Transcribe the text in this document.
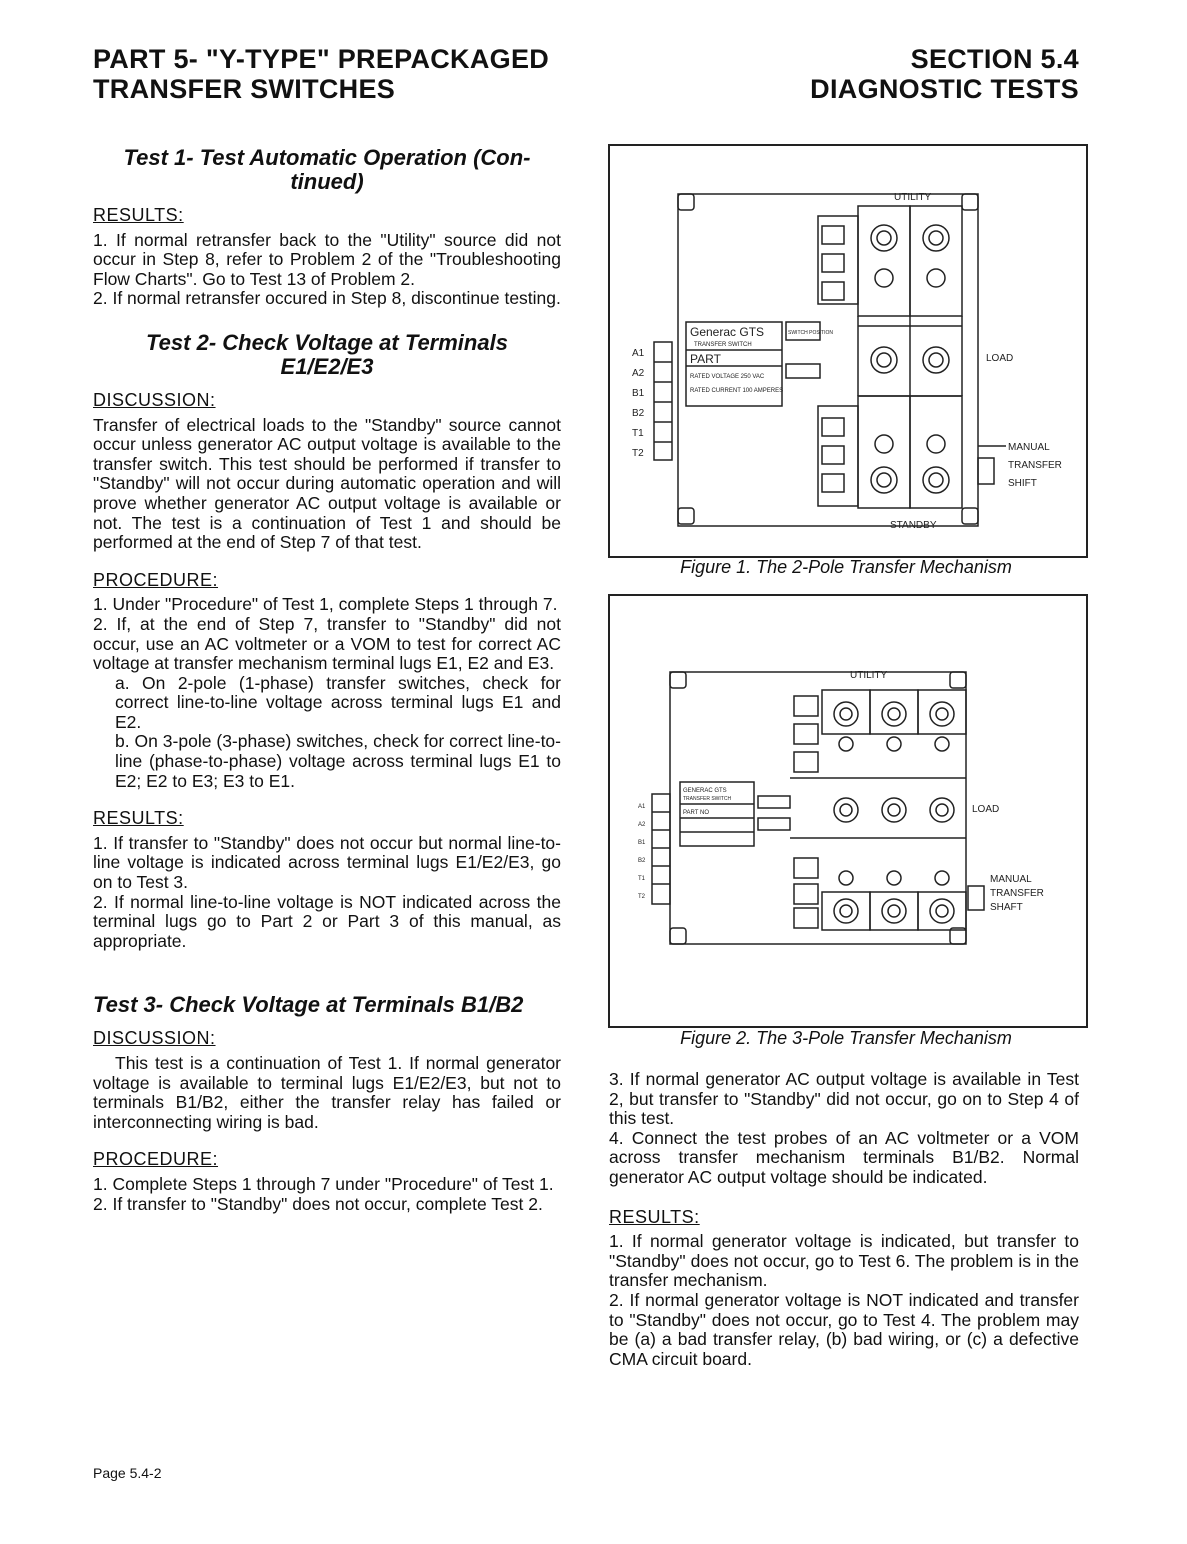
PART 5- "Y-TYPE" PREPACKAGED
TRANSFER SWITCHES
SECTION 5.4
DIAGNOSTIC TESTS
Test 1- Test Automatic Operation (Con-
tinued)
RESULTS:

1. If normal retransfer back to the "Utility" source did not occur in Step 8, refer to Problem 2 of the "Troubleshooting Flow Charts". Go to Test 13 of Problem 2.

2. If normal retransfer occured in Step 8, discontinue testing.

Test 2- Check Voltage at Terminals
E1/E2/E3
DISCUSSION:

Transfer of electrical loads to the "Standby" source cannot occur unless generator AC output voltage is available to the transfer switch. This test should be performed if transfer to "Standby" will not occur during automatic operation and will prove whether generator AC output voltage is available or not. The test is a continuation of Test 1 and should be performed at the end of Step 7 of that test.

PROCEDURE:

1. Under "Procedure" of Test 1, complete Steps 1 through 7.

2. If, at the end of Step 7, transfer to "Standby" did not occur, use an AC voltmeter or a VOM to test for correct AC voltage at transfer mechanism terminal lugs E1, E2 and E3.

a. On 2-pole (1-phase) transfer switches, check for correct line-to-line voltage across terminal lugs E1 and E2.

b. On 3-pole (3-phase) switches, check for correct line-to-line (phase-to-phase) voltage across terminal lugs E1 to E2; E2 to E3; E3 to E1.

RESULTS:

1. If transfer to "Standby" does not occur but normal line-to-line voltage is indicated across terminal lugs E1/E2/E3, go on to Test 3.

2. If normal line-to-line voltage is NOT indicated across the terminal lugs go to Part 2 or Part 3 of this manual, as appropriate.

Test 3- Check Voltage at Terminals B1/B2
DISCUSSION:

This test is a continuation of Test 1. If normal generator voltage is available to terminal lugs E1/E2/E3, but not to terminals B1/B2, either the transfer relay has failed or interconnecting wiring is bad.

PROCEDURE:

1. Complete Steps 1 through 7 under "Procedure" of Test 1.

2. If transfer to "Standby" does not occur, complete Test 2.

UTILITY
STANDBY
LOAD
MANUAL
TRANSFER
SHIFT
Generac GTS
TRANSFER SWITCH
PART
RATED VOLTAGE 250 VAC
RATED CURRENT 100 AMPERES
SWITCH POSITION
A1
A2
B1
B2
T1
T2
Figure 1. The 2-Pole Transfer Mechanism
UTILITY
LOAD
MANUAL
TRANSFER
SHAFT
GENERAC GTS
TRANSFER SWITCH
PART NO
A1
A2
B1
B2
T1
T2
Figure 2. The 3-Pole Transfer Mechanism

3. If normal generator AC output voltage is available in Test 2, but transfer to "Standby" did not occur, go on to Step 4 of this test.

4. Connect the test probes of an AC voltmeter or a VOM across transfer mechanism terminals B1/B2. Normal generator AC output voltage should be indicated.

RESULTS:

1. If normal generator voltage is indicated, but transfer to "Standby" does not occur, go to Test 6. The problem is in the transfer mechanism.

2. If normal generator voltage is NOT indicated and transfer to "Standby" does not occur, go to Test 4. The problem may be (a) a bad transfer relay, (b) bad wiring, or (c) a defective CMA circuit board.

Page 5.4-2
